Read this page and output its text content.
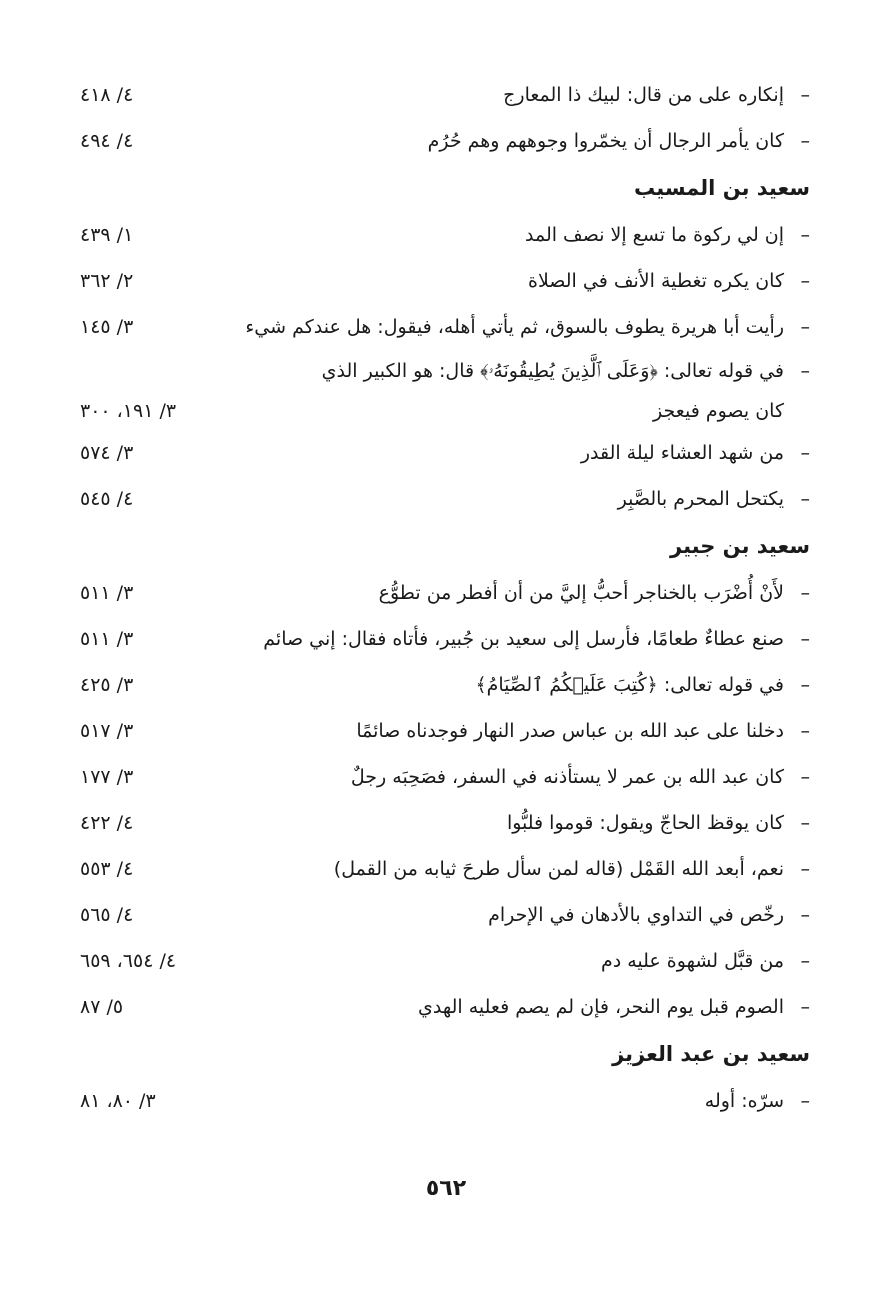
–
إنكاره على من قال: لبيك ذا المعارج
٤/ ٤١٨
–
كان يأمر الرجال أن يخمّروا وجوههم وهم حُرُم
٤/ ٤٩٤
سعيد بن المسيب
–
إن لي ركوة ما تسع إلا نصف المد
١/ ٤٣٩
–
كان يكره تغطية الأنف في الصلاة
٢/ ٣٦٢
–
رأيت أبا هريرة يطوف بالسوق، ثم يأتي أهله، فيقول: هل عندكم شيء
٣/ ١٤٥
–
في قوله تعالى: ﴿وَعَلَى ٱلَّذِينَ يُطِيقُونَهُۥ﴾ قال: هو الكبير الذي
كان يصوم فيعجز
٣/ ١٩١، ٣٠٠
–
من شهد العشاء ليلة القدر
٣/ ٥٧٤
–
يكتحل المحرم بالصَّبِر
٤/ ٥٤٥
سعيد بن جبير
–
لأَنْ أُضْرَب بالخناجر أحبُّ إليَّ من أن أفطر من تطوُّع
٣/ ٥١١
–
صنع عطاءٌ طعامًا، فأرسل إلى سعيد بن جُبير، فأتاه فقال: إني صائم
٣/ ٥١١
–
في قوله تعالى: ﴿كُتِبَ عَلَيۡكُمُ ٱلصِّيَامُ﴾
٣/ ٤٢٥
–
دخلنا على عبد الله بن عباس صدر النهار فوجدناه صائمًا
٣/ ٥١٧
–
كان عبد الله بن عمر لا يستأذنه في السفر، فصَحِبَه رجلٌ
٣/ ١٧٧
–
كان يوقظ الحاجّ ويقول: قوموا فلبُّوا
٤/ ٤٢٢
–
نعم، أبعد الله القَمْل (قاله لمن سأل طرحَ ثيابه من القمل)
٤/ ٥٥٣
–
رخّص في التداوي بالأدهان في الإحرام
٤/ ٥٦٥
–
من قبَّل لشهوة عليه دم
٤/ ٦٥٤، ٦٥٩
–
الصوم قبل يوم النحر، فإن لم يصم فعليه الهدي
٥/ ٨٧
سعيد بن عبد العزيز
–
سرّه: أوله
٣/ ٨٠، ٨١
٥٦٢
